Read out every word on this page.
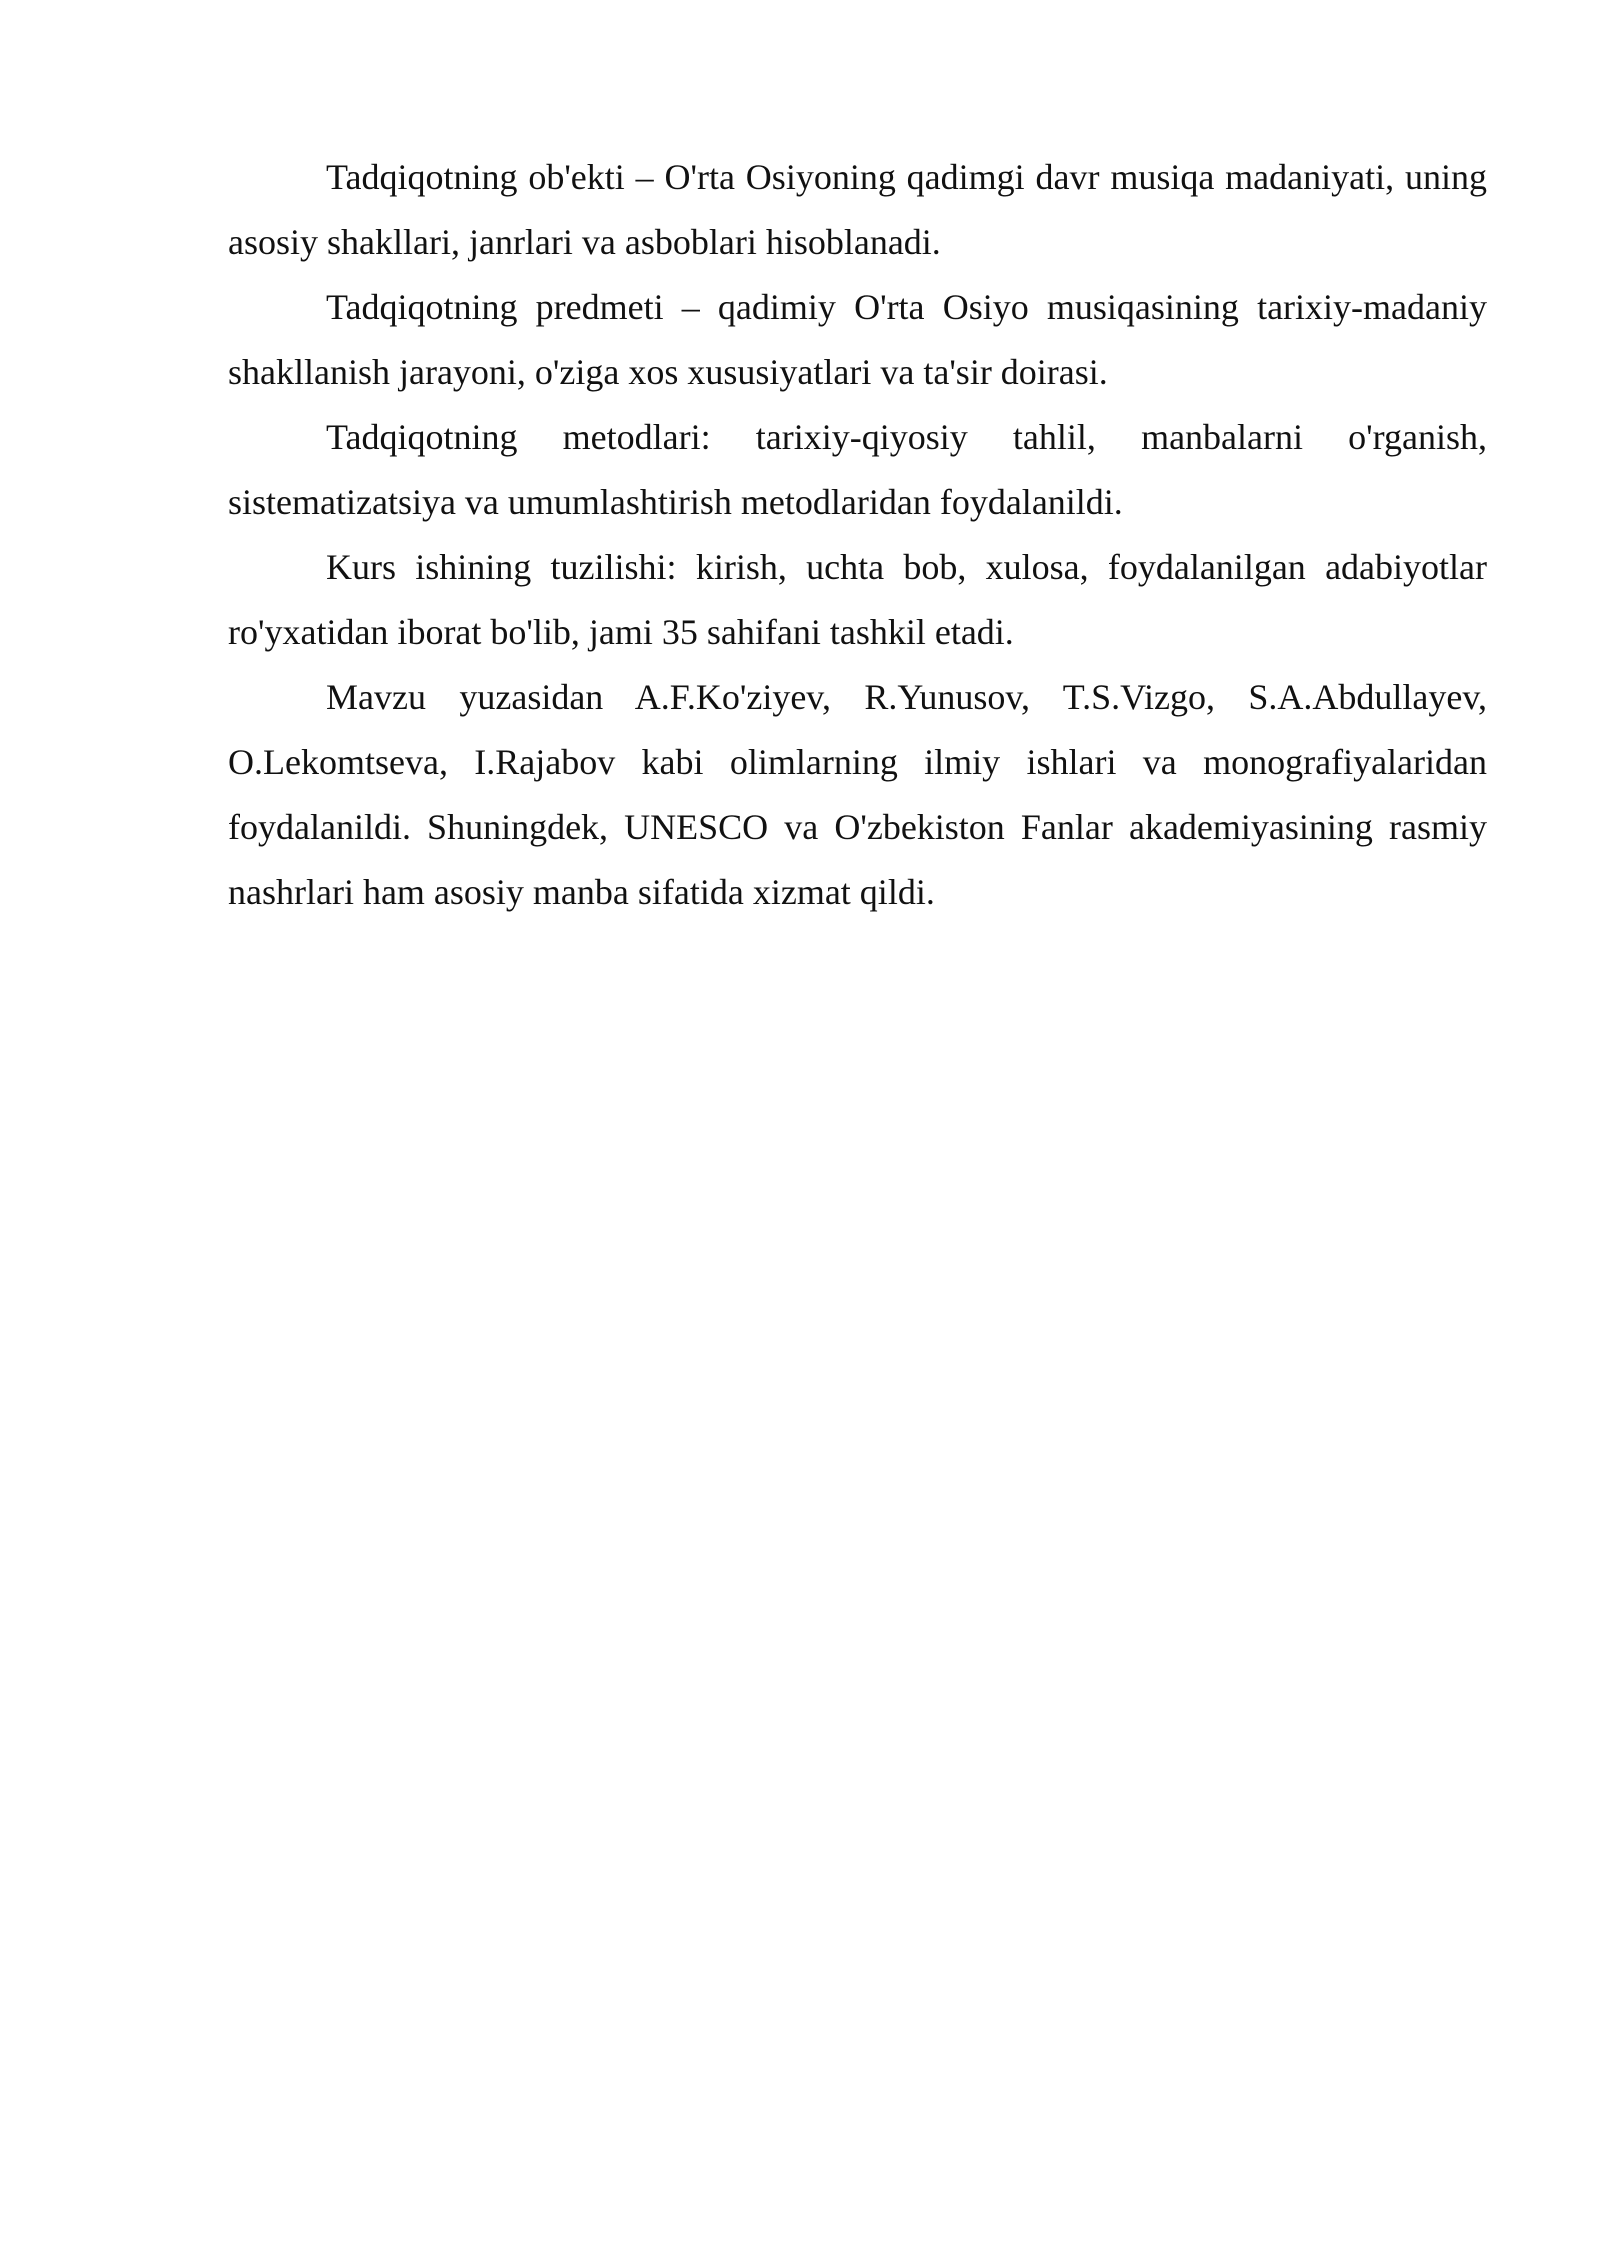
Tadqiqotning ob'ekti – O'rta Osiyoning qadimgi davr musiqa madaniyati, uning asosiy shakllari, janrlari va asboblari hisoblanadi.

Tadqiqotning predmeti – qadimiy O'rta Osiyo musiqasining tarixiy-madaniy shakllanish jarayoni, o'ziga xos xususiyatlari va ta'sir doirasi.

Tadqiqotning metodlari: tarixiy-qiyosiy tahlil, manbalarni o'rganish, sistematizatsiya va umumlashtirish metodlaridan foydalanildi.

Kurs ishining tuzilishi: kirish, uchta bob, xulosa, foydalanilgan adabiyotlar ro'yxatidan iborat bo'lib, jami 35 sahifani tashkil etadi.

Mavzu yuzasidan A.F.Ko'ziyev, R.Yunusov, T.S.Vizgo, S.A.Abdullayev, O.Lekomtseva, I.Rajabov kabi olimlarning ilmiy ishlari va monografiyalaridan foydalanildi. Shuningdek, UNESCO va O'zbekiston Fanlar akademiyasining rasmiy nashrlari ham asosiy manba sifatida xizmat qildi.
